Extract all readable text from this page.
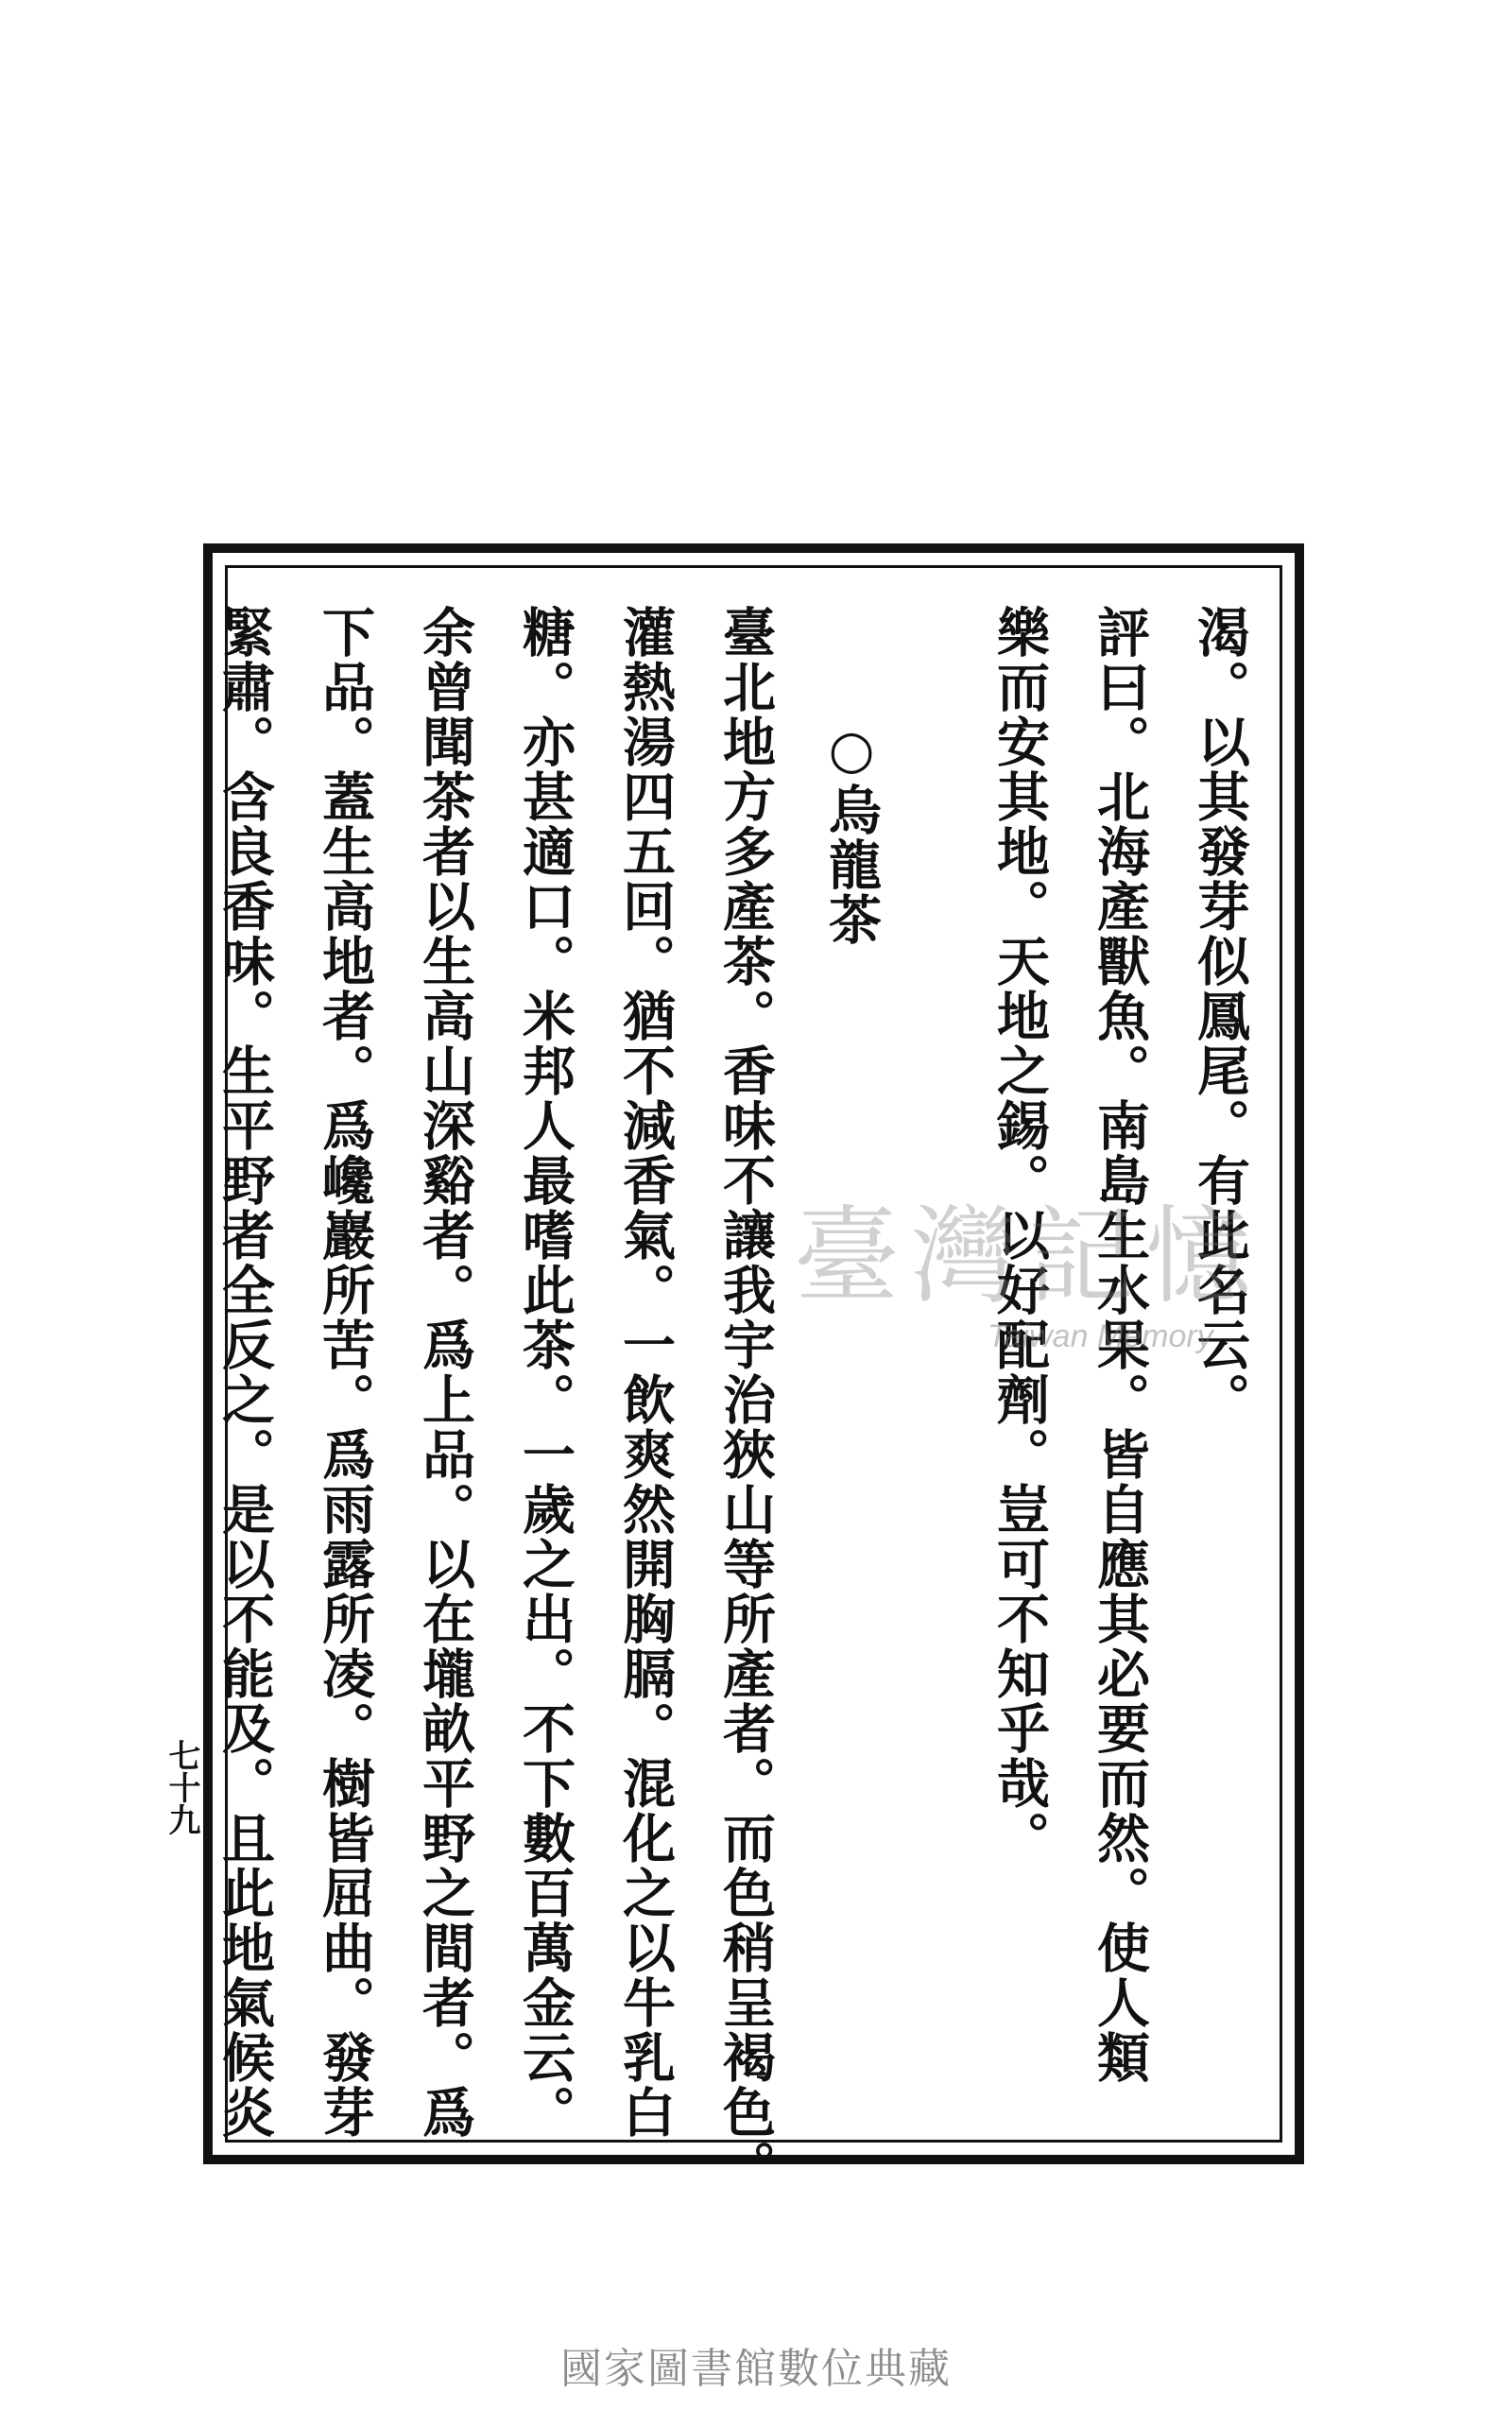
渴。以其發芽似鳳尾。有此名云。
評曰。北海產獸魚。南島生水果。皆自應其必要而然。使人類
樂而安其地。天地之錫。以好配劑。豈可不知乎哉。
○烏龍茶
臺北地方多產茶。香味不讓我宇治狹山等所產者。而色稍呈褐色。
灌熱湯四五回。猶不減香氣。一飲爽然開胸膈。混化之以牛乳白
糖。亦甚適口。米邦人最嗜此茶。一歲之出。不下數百萬金云。
余曾聞茶者以生高山深谿者。爲上品。以在壠畝平野之間者。爲
下品。蓋生高地者。爲巉巖所苦。爲雨露所凌。樹皆屈曲。發芽
緊肅。含良香味。生平野者全反之。是以不能及。且此地氣候炎
七十九
臺灣記憶
Taiwan Memory
國家圖書館數位典藏
